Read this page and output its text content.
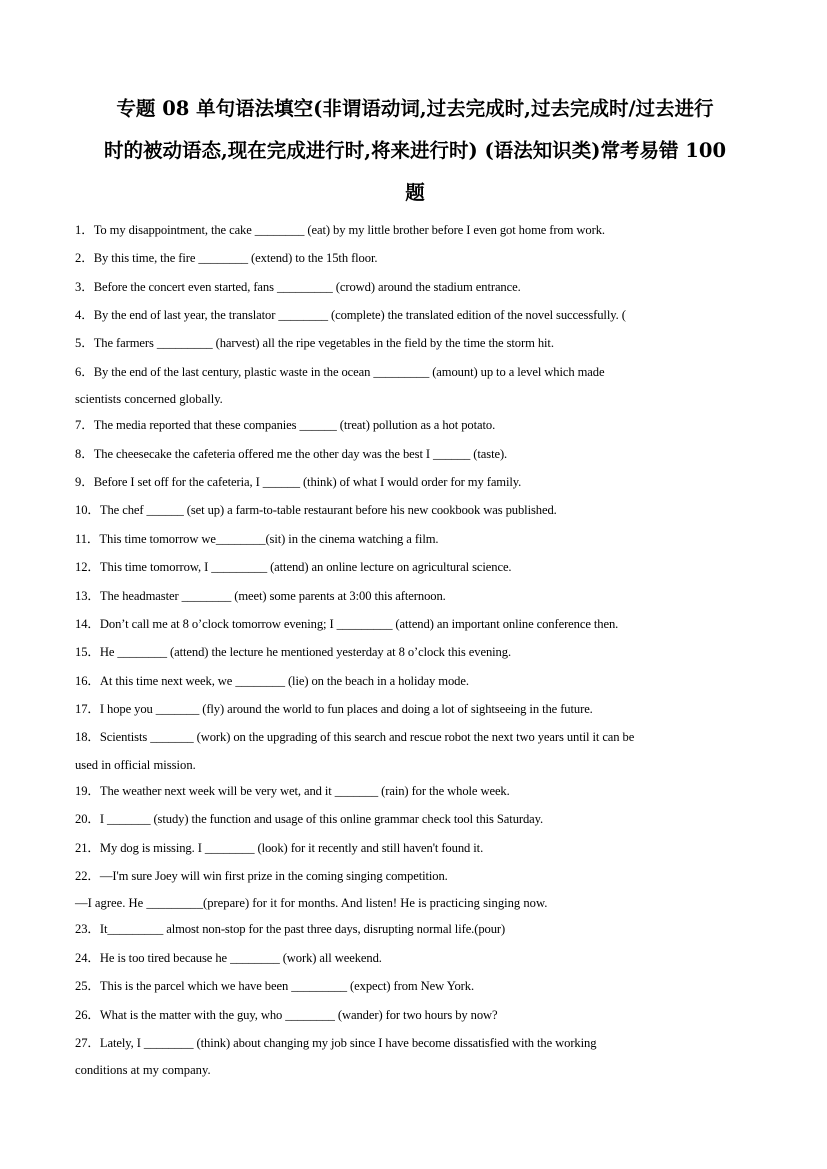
专题 08 单句语法填空(非谓语动词,过去完成时,过去完成时/过去进行
时的被动语态,现在完成进行时,将来进行时) (语法知识类)常考易错 100
题
1．To my disappointment, the cake ________ (eat) by my little brother before I even got home from work.
2．By this time, the fire ________ (extend) to the 15th floor.
3．Before the concert even started, fans _________ (crowd) around the stadium entrance.
4．By the end of last year, the translator ________ (complete) the translated edition of the novel successfully. (
5．The farmers _________ (harvest) all the ripe vegetables in the field by the time the storm hit.
6．By the end of the last century, plastic waste in the ocean _________ (amount) up to a level which made
scientists concerned globally.
7．The media reported that these companies ______ (treat) pollution as a hot potato.
8．The cheesecake the cafeteria offered me the other day was the best I ______ (taste).
9．Before I set off for the cafeteria, I ______ (think) of what I would order for my family.
10．The chef ______ (set up) a farm-to-table restaurant before his new cookbook was published.
11．This time tomorrow we________(sit) in the cinema watching a film.
12．This time tomorrow, I _________ (attend) an online lecture on agricultural science.
13．The headmaster ________ (meet) some parents at 3:00 this afternoon.
14．Don’t call me at 8 o’clock tomorrow evening; I _________ (attend) an important online conference then.
15．He ________ (attend) the lecture he mentioned yesterday at 8 o’clock this evening.
16．At this time next week, we ________ (lie) on the beach in a holiday mode.
17．I hope you _______ (fly) around the world to fun places and doing a lot of sightseeing in the future.
18．Scientists _______ (work) on the upgrading of this search and rescue robot the next two years until it can be
used in official mission.
19．The weather next week will be very wet, and it _______ (rain) for the whole week.
20．I _______ (study) the function and usage of this online grammar check tool this Saturday.
21．My dog is missing. I ________ (look) for it recently and still haven't found it.
22．—I'm sure Joey will win first prize in the coming singing competition.
—I agree. He _________(prepare) for it for months. And listen! He is practicing singing now.
23．It_________ almost non-stop for the past three days, disrupting normal life.(pour)
24．He is too tired because he ________ (work) all weekend.
25．This is the parcel which we have been _________ (expect) from New York.
26．What is the matter with the guy, who ________ (wander) for two hours by now?
27．Lately, I ________ (think) about changing my job since I have become dissatisfied with the working
conditions at my company.
